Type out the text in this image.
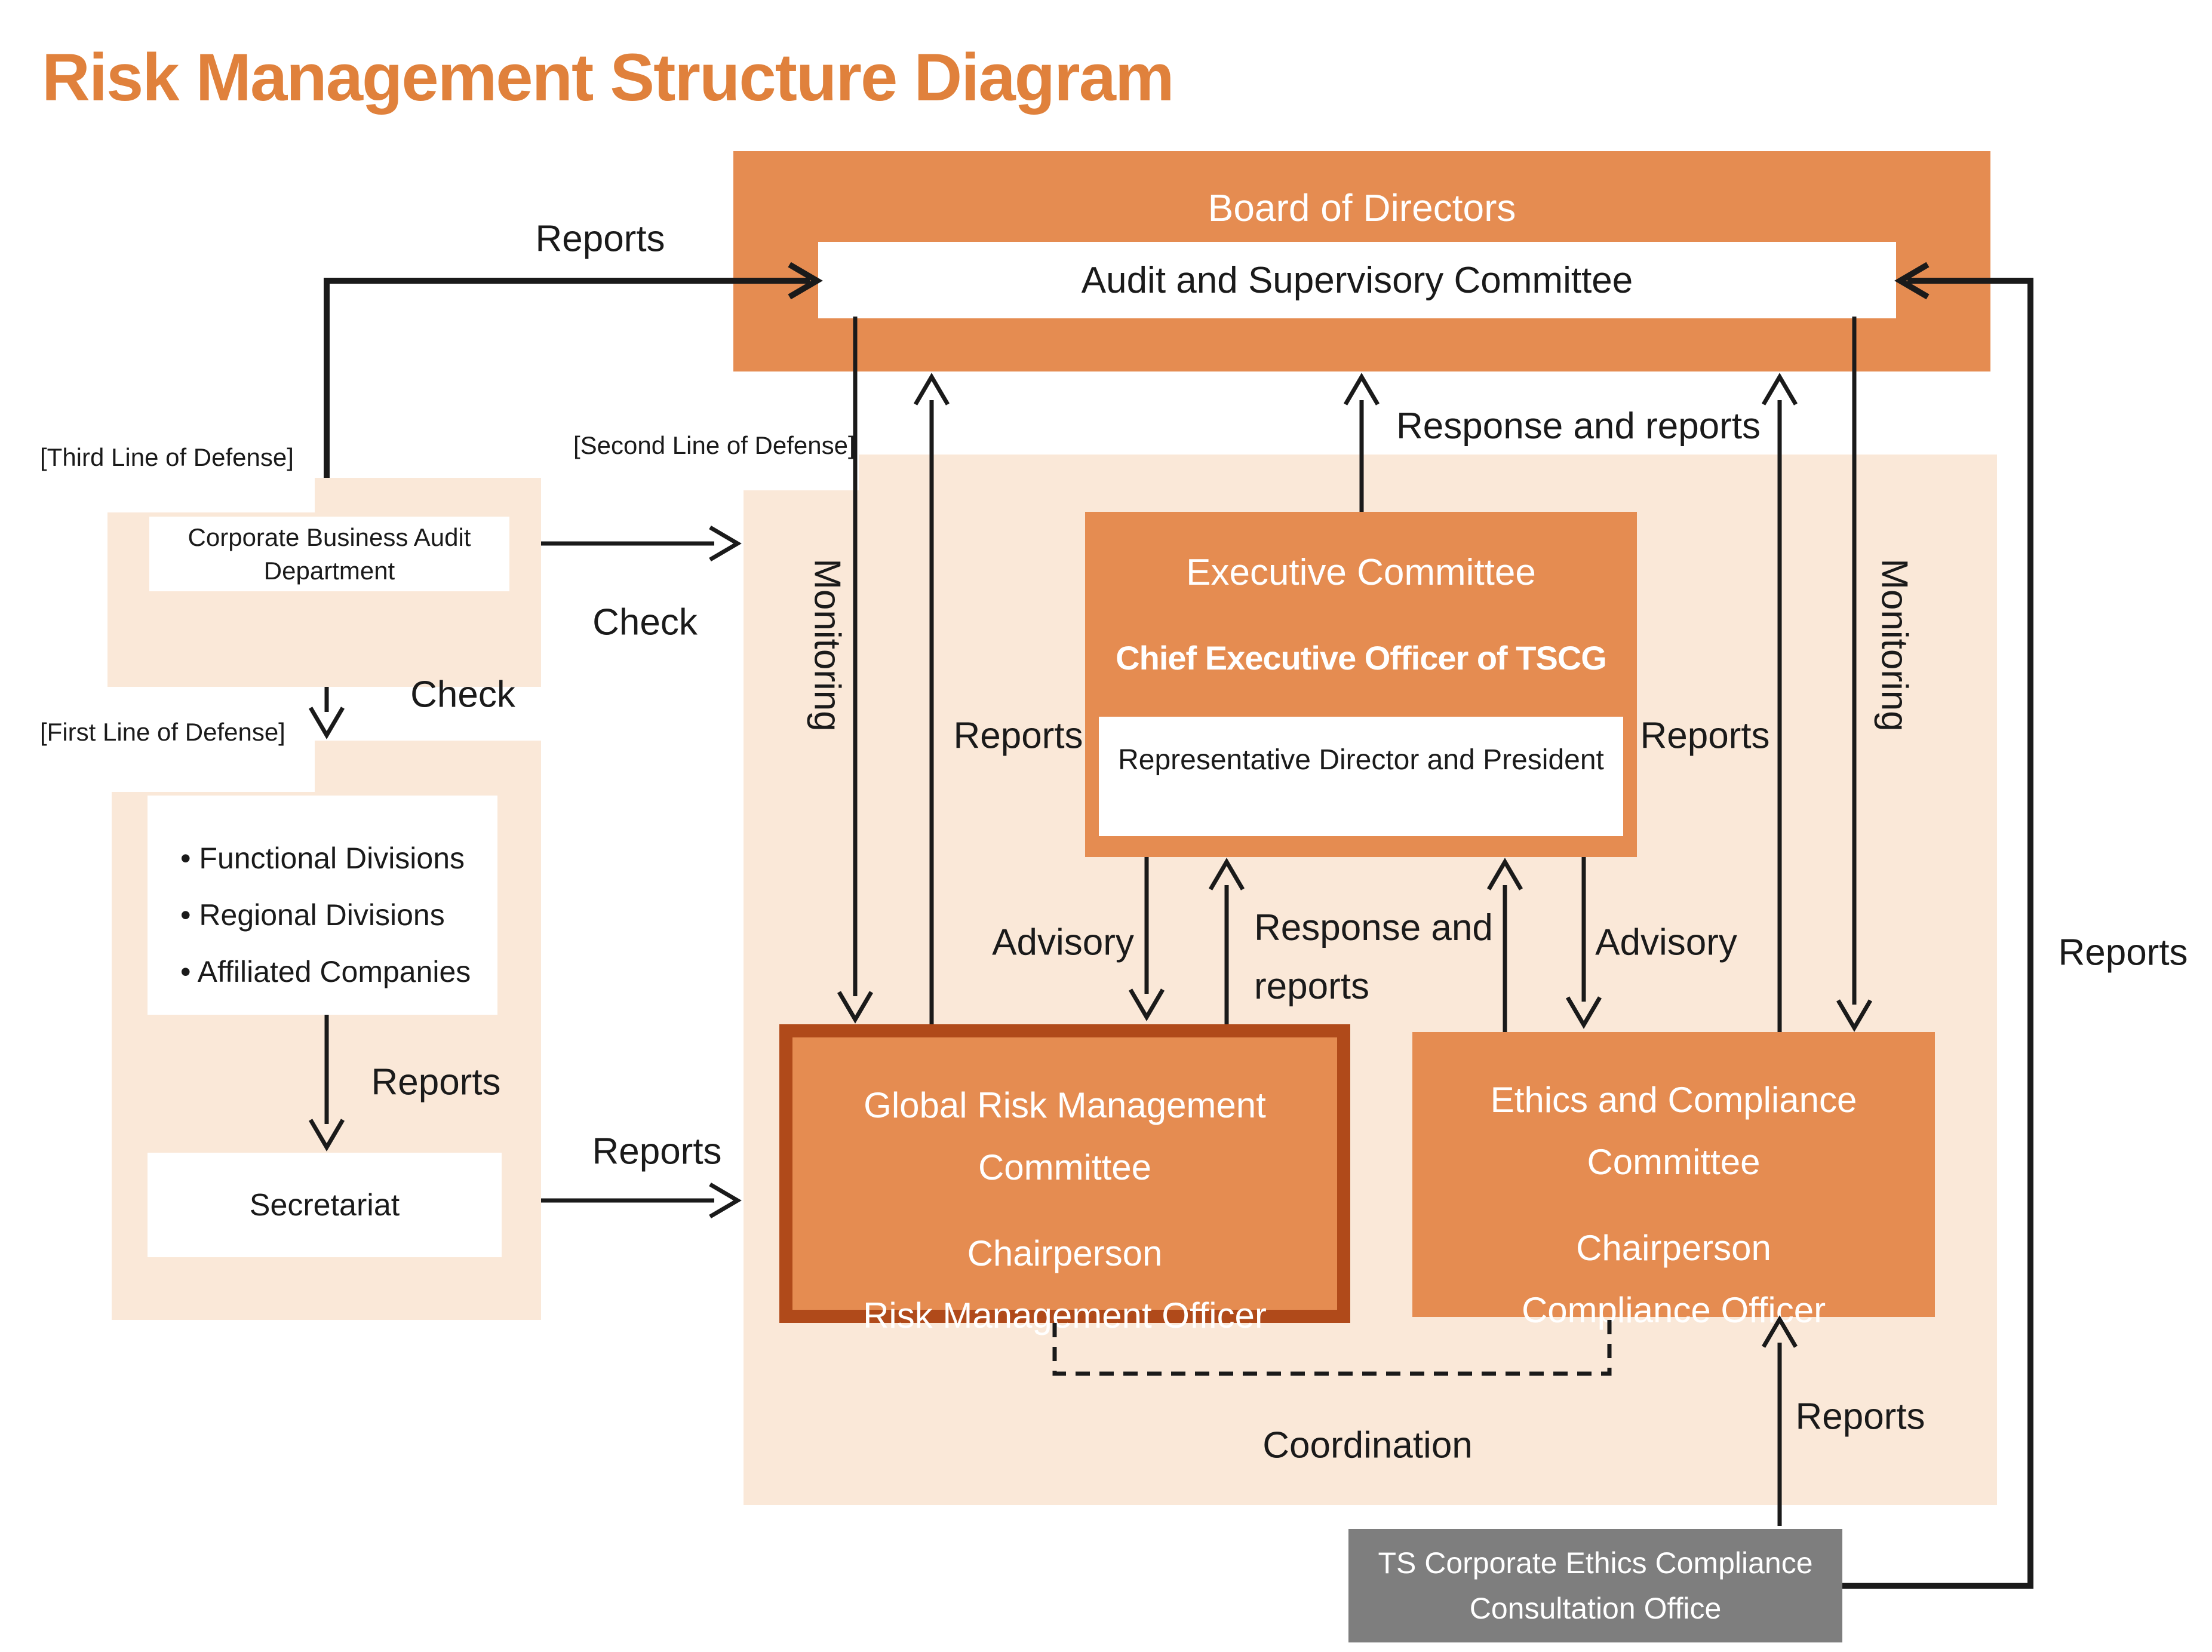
Risk Management Structure Diagram
[Third Line of Defense]	[Second Line of Defense]
[First Line of Defense]
Board of Directors
Audit and Supervisory Committee
Corporate Business Audit
Department
• Functional Divisions
• Regional Divisions
• Affiliated Companies
Secretariat
Executive Committee
Chief Executive Officer of TSCG
Representative Director and President
Global Risk Management
Committee
Chairperson
Risk Management Officer
Ethics and Compliance
Committee
Chairperson
Compliance Officer
TS Corporate Ethics Compliance
Consultation Office
Reports
Check
Check
Reports
Reports
Monitoring
Reports
Response and reports
Advisory	Response and
reports
Advisory
Reports
Monitoring
Coordination
Reports
Reports
